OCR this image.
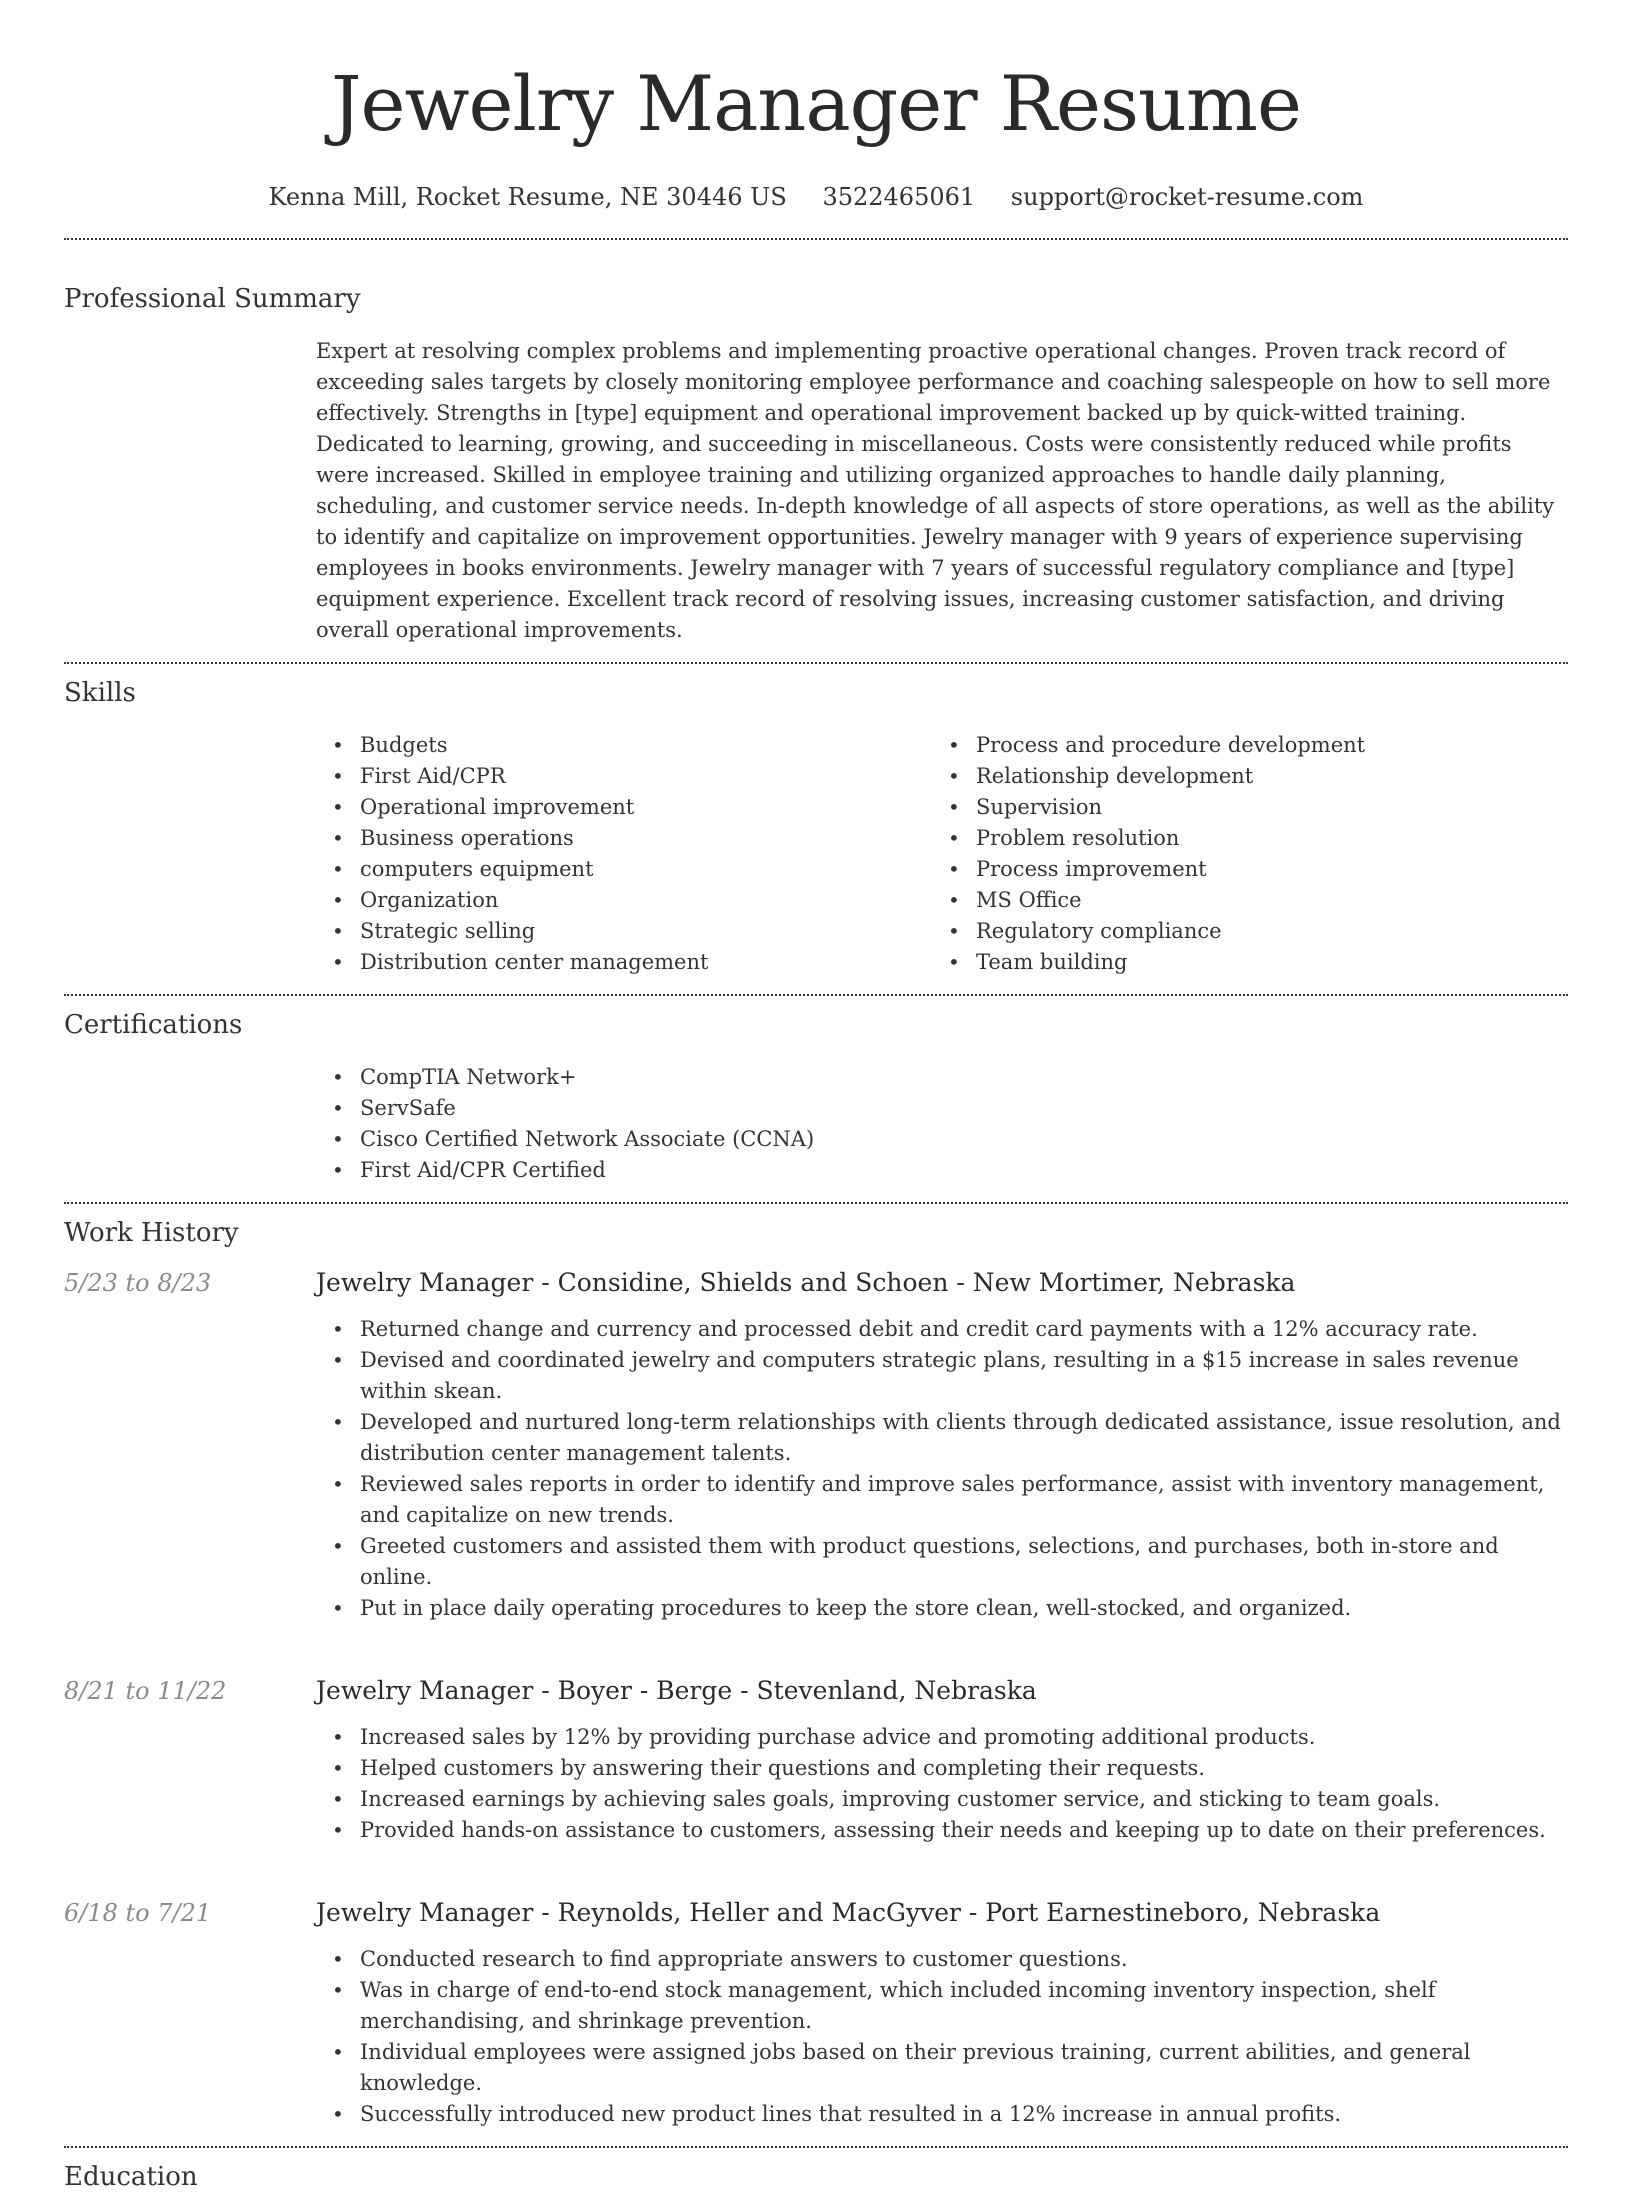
Jewelry Manager Resume
Kenna Mill, Rocket Resume, NE 30446 US 3522465061 support@rocket-resume.com
Professional Summary
Expert at resolving complex problems and implementing proactive operational changes. Proven track record of exceeding sales targets by closely monitoring employee performance and coaching salespeople on how to sell more effectively. Strengths in [type] equipment and operational improvement backed up by quick-witted training. Dedicated to learning, growing, and succeeding in miscellaneous. Costs were consistently reduced while profits were increased. Skilled in employee training and utilizing organized approaches to handle daily planning, scheduling, and customer service needs. In-depth knowledge of all aspects of store operations, as well as the ability to identify and capitalize on improvement opportunities. Jewelry manager with 9 years of experience supervising employees in books environments. Jewelry manager with 7 years of successful regulatory compliance and [type] equipment experience. Excellent track record of resolving issues, increasing customer satisfaction, and driving overall operational improvements.
Skills
• Budgets
• First Aid/CPR
• Operational improvement
• Business operations
• computers equipment
• Organization
• Strategic selling
• Distribution center management
• Process and procedure development
• Relationship development
• Supervision
• Problem resolution
• Process improvement
• MS Office
• Regulatory compliance
• Team building
Certifications
• CompTIA Network+
• ServSafe
• Cisco Certified Network Associate (CCNA)
• First Aid/CPR Certified
Work History
5/23 to 8/23	Jewelry Manager - Considine, Shields and Schoen - New Mortimer, Nebraska
• Returned change and currency and processed debit and credit card payments with a 12% accuracy rate.
• Devised and coordinated jewelry and computers strategic plans, resulting in a $15 increase in sales revenue within skean.
• Developed and nurtured long-term relationships with clients through dedicated assistance, issue resolution, and distribution center management talents.
• Reviewed sales reports in order to identify and improve sales performance, assist with inventory management, and capitalize on new trends.
• Greeted customers and assisted them with product questions, selections, and purchases, both in-store and online.
• Put in place daily operating procedures to keep the store clean, well-stocked, and organized.
8/21 to 11/22	Jewelry Manager - Boyer - Berge - Stevenland, Nebraska
• Increased sales by 12% by providing purchase advice and promoting additional products.
• Helped customers by answering their questions and completing their requests.
• Increased earnings by achieving sales goals, improving customer service, and sticking to team goals.
• Provided hands-on assistance to customers, assessing their needs and keeping up to date on their preferences.
6/18 to 7/21	Jewelry Manager - Reynolds, Heller and MacGyver - Port Earnestineboro, Nebraska
• Conducted research to find appropriate answers to customer questions.
• Was in charge of end-to-end stock management, which included incoming inventory inspection, shelf merchandising, and shrinkage prevention.
• Individual employees were assigned jobs based on their previous training, current abilities, and general knowledge.
• Successfully introduced new product lines that resulted in a 12% increase in annual profits.
Education
